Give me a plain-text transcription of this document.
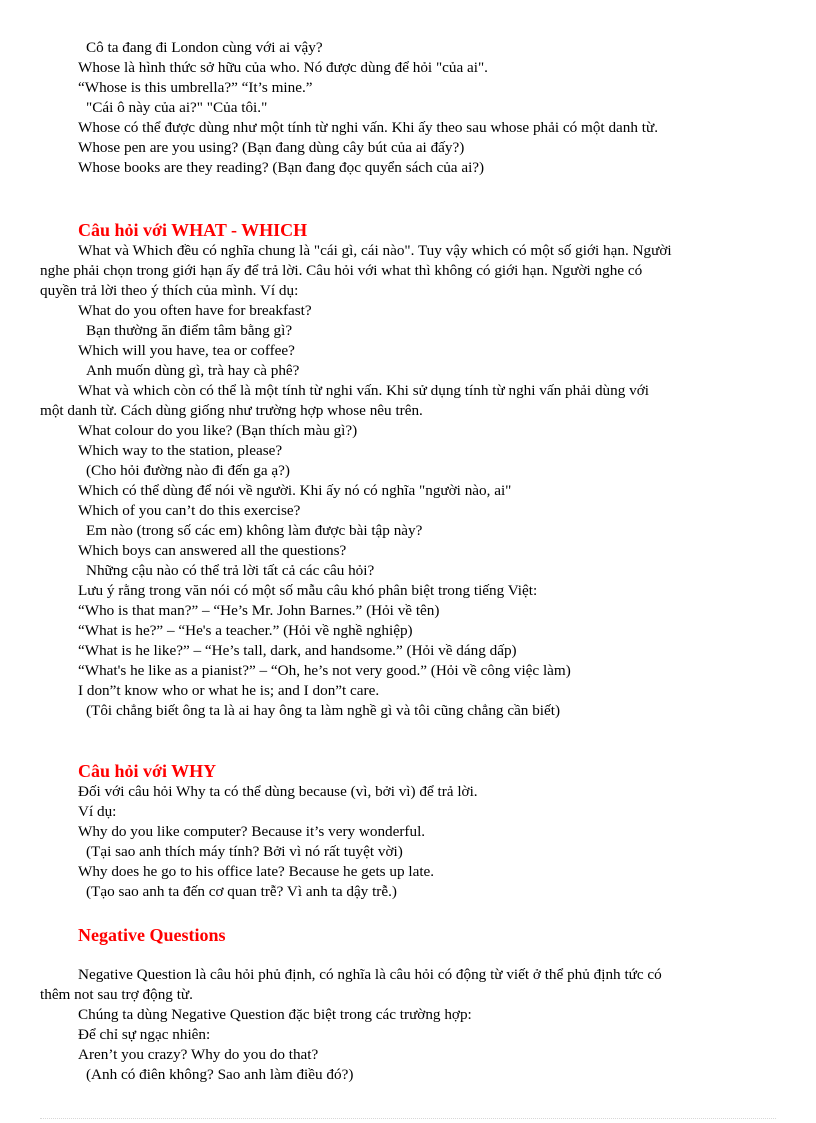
Cô ta đang đi London cùng với ai vậy?

Whose là hình thức sở hữu của who. Nó được dùng để hỏi "của ai".

“Whose is this umbrella?” “It’s mine.”

"Cái ô này của ai?" "Của tôi."

Whose có thể được dùng như một tính từ nghi vấn. Khi ấy theo sau whose phải có một danh từ.

Whose pen are you using? (Bạn đang dùng cây bút của ai đấy?)

Whose books are they reading? (Bạn đang đọc quyển sách của ai?)

Câu hỏi với WHAT - WHICH

What và Which đều có nghĩa chung là "cái gì, cái nào". Tuy vậy which có một số giới hạn. Người

nghe phải chọn trong giới hạn ấy để trả lời. Câu hỏi với what thì không có giới hạn. Người nghe có

quyền trả lời theo ý thích của mình. Ví dụ:

What do you often have for breakfast?

Bạn thường ăn điểm tâm bằng gì?

Which will you have, tea or coffee?

Anh muốn dùng gì, trà hay cà phê?

What và which còn có thể là một tính từ nghi vấn. Khi sử dụng tính từ nghi vấn phải dùng với

một danh từ. Cách dùng giống như trường hợp whose nêu trên.

What colour do you like? (Bạn thích màu gì?)

Which way to the station, please?

(Cho hỏi đường nào đi đến ga ạ?)

Which có thể dùng để nói về người. Khi ấy nó có nghĩa "người nào, ai"

Which of you can’t do this exercise?

Em nào (trong số các em) không làm được bài tập này?

Which boys can answered all the questions?

Những cậu nào có thể trả lời tất cả các câu hỏi?

Lưu ý rằng trong văn nói có một số mẫu câu khó phân biệt trong tiếng Việt:

“Who is that man?” – “He’s Mr. John Barnes.” (Hỏi về tên)

“What is he?” – “He's a teacher.” (Hỏi về nghề nghiệp)

“What is he like?” – “He’s tall, dark, and handsome.” (Hỏi về dáng dấp)

“What's he like as a pianist?” – “Oh, he’s not very good.” (Hỏi về công việc làm)

I don”t know who or what he is; and I don”t care.

(Tôi chẳng biết ông ta là ai hay ông ta làm nghề gì và tôi cũng chẳng cần biết)

Câu hỏi với WHY

Đối với câu hỏi Why ta có thể dùng because (vì, bởi vì) để trả lời.

Ví dụ:

Why do you like computer? Because it’s very wonderful.

(Tại sao anh thích máy tính? Bởi vì nó rất tuyệt vời)

Why does he go to his office late? Because he gets up late.

(Tạo sao anh ta đến cơ quan trễ? Vì anh ta dậy trễ.)

Negative Questions

Negative Question là câu hỏi phủ định, có nghĩa là câu hỏi có động từ viết ở thể phủ định tức có

thêm not sau trợ động từ.

Chúng ta dùng Negative Question đặc biệt trong các trường hợp:

Để chỉ sự ngạc nhiên:

Aren’t you crazy? Why do you do that?

(Anh có điên không? Sao anh làm điều đó?)
